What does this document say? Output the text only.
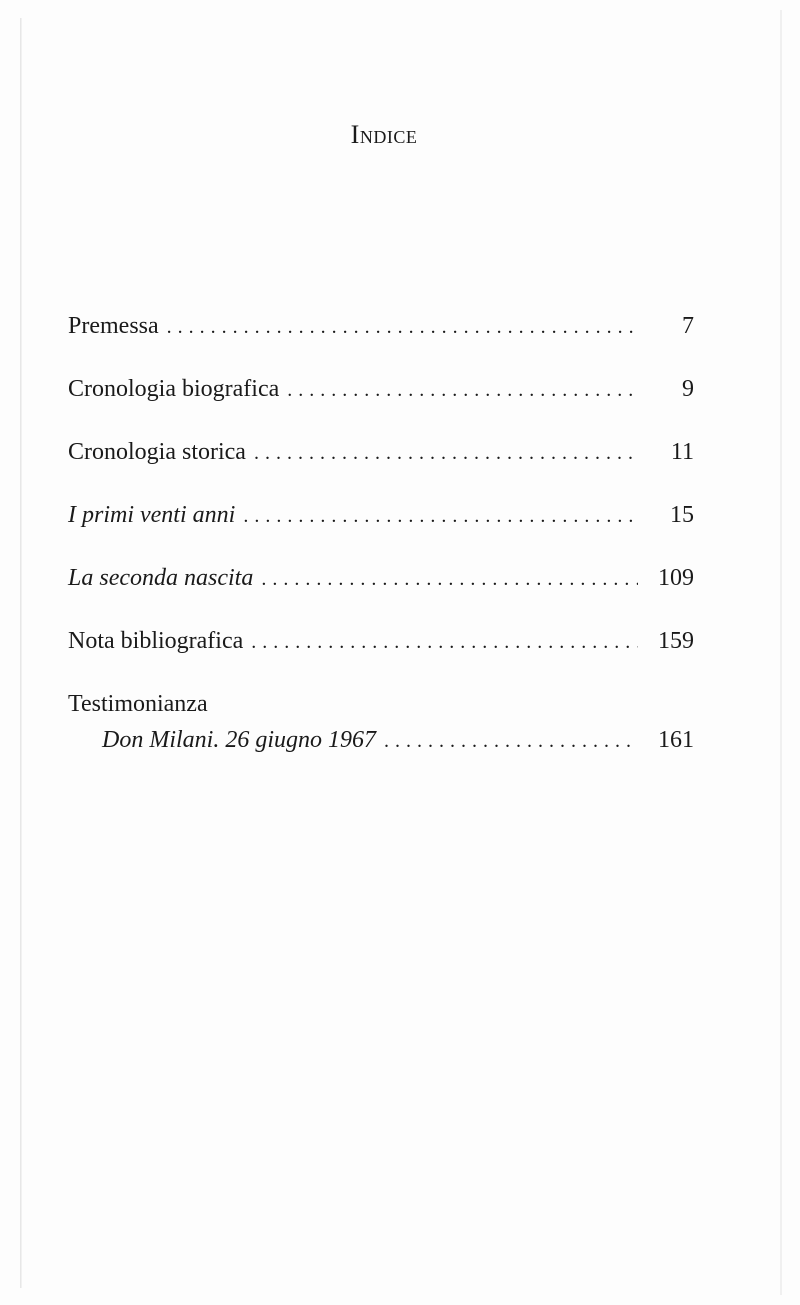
Indice
Premessa . . .	7
Cronologia biografica . . .	9
Cronologia storica . . .	11
I primi venti anni . . .	15
La seconda nascita . . .	109
Nota bibliografica . . .	159
Testimonianza
Don Milani. 26 giugno 1967 . . .	161
